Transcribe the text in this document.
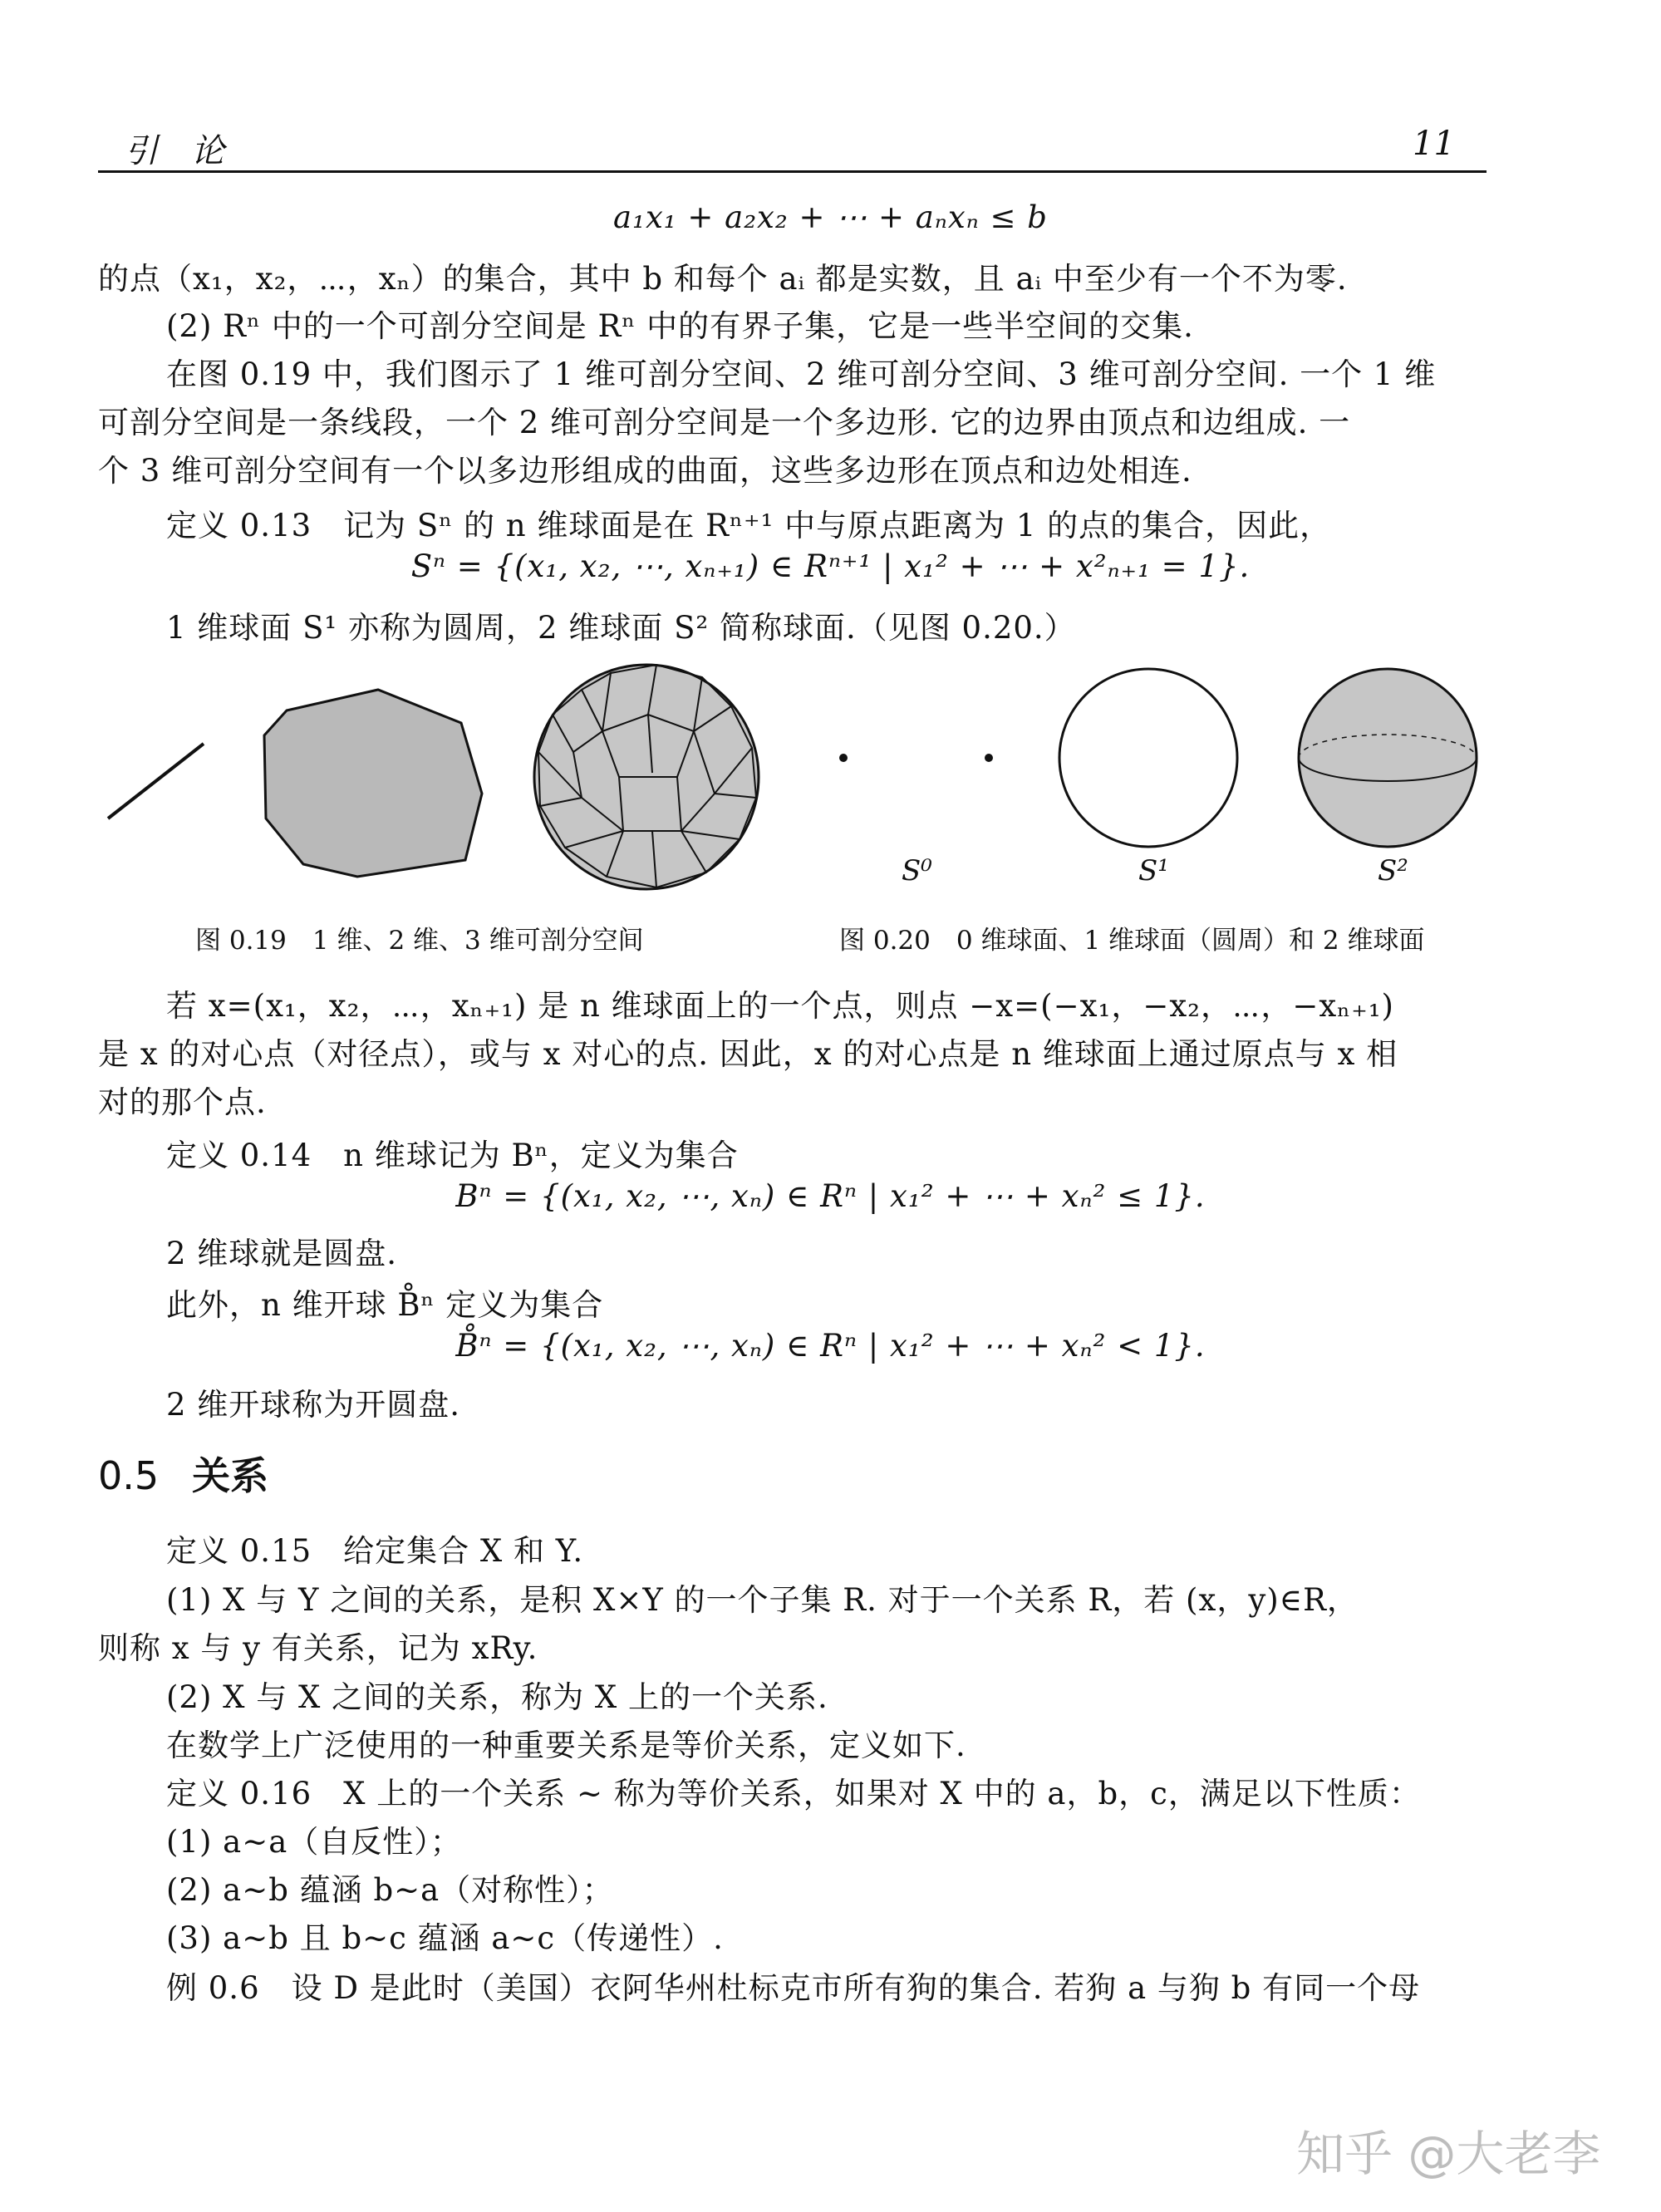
引　论	11
a₁x₁ + a₂x₂ + ⋯ + aₙxₙ ≤ b
的点（x₁，x₂，⋯，xₙ）的集合，其中 b 和每个 aᵢ 都是实数，且 aᵢ 中至少有一个不为零.
(2) Rⁿ 中的一个可剖分空间是 Rⁿ 中的有界子集，它是一些半空间的交集.
在图 0.19 中，我们图示了 1 维可剖分空间、2 维可剖分空间、3 维可剖分空间. 一个 1 维
可剖分空间是一条线段，一个 2 维可剖分空间是一个多边形. 它的边界由顶点和边组成. 一
个 3 维可剖分空间有一个以多边形组成的曲面，这些多边形在顶点和边处相连.
定义 0.13　记为 Sⁿ 的 n 维球面是在 Rⁿ⁺¹ 中与原点距离为 1 的点的集合，因此，
Sⁿ = {(x₁, x₂, ⋯, xₙ₊₁) ∈ Rⁿ⁺¹ | x₁² + ⋯ + x²ₙ₊₁ = 1}.
1 维球面 S¹ 亦称为圆周，2 维球面 S² 简称球面.（见图 0.20.）
S⁰	S¹	S²
图 0.19　1 维、2 维、3 维可剖分空间	图 0.20　0 维球面、1 维球面（圆周）和 2 维球面
若 x=(x₁，x₂，⋯，xₙ₊₁) 是 n 维球面上的一个点，则点 −x=(−x₁，−x₂，⋯，−xₙ₊₁)
是 x 的对心点（对径点），或与 x 对心的点. 因此，x 的对心点是 n 维球面上通过原点与 x 相
对的那个点.
定义 0.14　n 维球记为 Bⁿ，定义为集合
Bⁿ = {(x₁, x₂, ⋯, xₙ) ∈ Rⁿ | x₁² + ⋯ + xₙ² ≤ 1}.
2 维球就是圆盘.
此外，n 维开球 B̊ⁿ 定义为集合
B̊ⁿ = {(x₁, x₂, ⋯, xₙ) ∈ Rⁿ | x₁² + ⋯ + xₙ² < 1}.
2 维开球称为开圆盘.
0.5 关系
定义 0.15　给定集合 X 和 Y.
(1) X 与 Y 之间的关系，是积 X×Y 的一个子集 R. 对于一个关系 R，若 (x，y)∈R，
则称 x 与 y 有关系，记为 xRy.
(2) X 与 X 之间的关系，称为 X 上的一个关系.
在数学上广泛使用的一种重要关系是等价关系，定义如下.
定义 0.16　X 上的一个关系 ~ 称为等价关系，如果对 X 中的 a，b，c，满足以下性质：
(1) a~a（自反性）；
(2) a~b 蕴涵 b~a（对称性）；
(3) a~b 且 b~c 蕴涵 a~c（传递性）.
例 0.6　设 D 是此时（美国）衣阿华州杜标克市所有狗的集合. 若狗 a 与狗 b 有同一个母
知乎 @大老李
